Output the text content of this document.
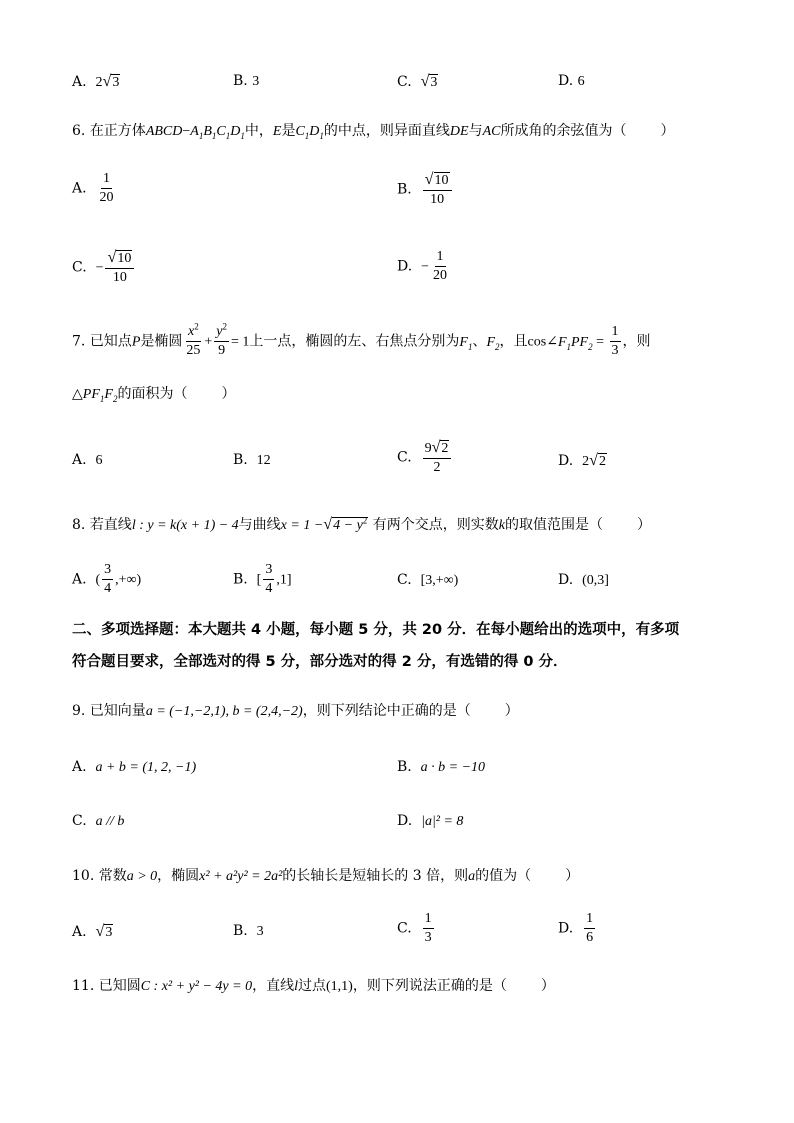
A. 2 √ 3	B. 3	C. √ 3	D. 6
6. 在正方体$ABCD-A_1B_1C_1D_1$中，E是$C_1D_1$的中点，则异面直线DE与AC所成角的余弦值为（ ）
A. $\frac{1}{20}$	B. $\frac{√ 10}{10}$
C. − $\frac{√ 10}{10}$	D. − $\frac{1}{20}$
7. 已知点P是椭圆 $\frac{x^2}{25} + \frac{y^2}{9} = 1$上一点，椭圆的左、右焦点分别为$F_1$、$F_2$，且$\cos\angle F_1PF_2 = \frac{1}{3}$ ，则
$\triangle PF_1F_2$的面积为（ ）
A. 6	B. 12	C. $\frac{9 √ 2}{2}$	D. 2 √ 2
8. 若直线l : y = k(x + 1) − 4与曲线x = 1 − √ $4 - y^2$ 有两个交点，则实数k的取值范围是（ ）
A. ( $\frac{3}{4}$ ,+∞)	B. [ $\frac{3}{4} ,1$]	C. [3,+∞)	D. (0,3]
二、多项选择题：本大题共 4 小题，每小题 5 分，共 20 分．在每小题给出的选项中，有多项
符合题目要求，全部选对的得 5 分，部分选对的得 2 分，有选错的得 0 分．
9. 已知向量a = (−1,−2,1), b = (2,4,−2)，则下列结论中正确的是（ ）
A. a + b = (1, 2, −1)	B. a · b = −10
C. a // b	D. |a|² = 8
10. 常数a > 0，椭圆x² + a²y² = 2a²的长轴长是短轴长的 3 倍，则a的值为（ ）
A. √ 3	B. 3	C. $\frac{1}{3}$	D. $\frac{1}{6}$
11. 已知圆C : x² + y² − 4y = 0，直线l过点(1,1)，则下列说法正确的是（ ）
